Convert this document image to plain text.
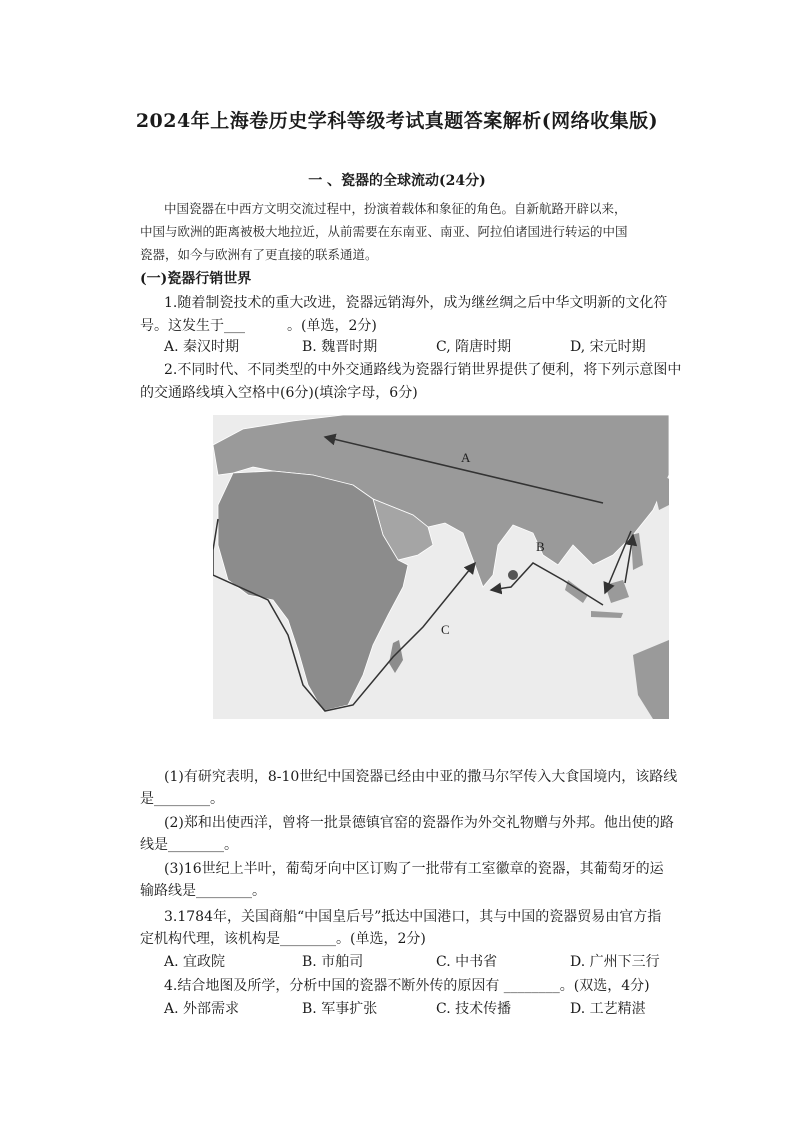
2024年上海卷历史学科等级考试真题答案解析(网络收集版)
一 、瓷器的全球流动(24分)
中国瓷器在中西方文明交流过程中，扮演着载体和象征的角色。自新航路开辟以来，
中国与欧洲的距离被极大地拉近，从前需要在东南亚、南亚、阿拉伯诸国进行转运的中国
瓷器，如今与欧洲有了更直接的联系通道。
(一)瓷器行销世界
1.随着制瓷技术的重大改进，瓷器远销海外，成为继丝绸之后中华文明新的文化符
号。这发生于___　　　。(单选，2分)
A. 秦汉时期	B. 魏晋时期	C, 隋唐时期	D, 宋元时期
2.不同时代、不同类型的中外交通路线为瓷器行销世界提供了便利，将下列示意图中
的交通路线填入空格中(6分)(填涂字母，6分)
A
B
C
(1)有研究表明，8-10世纪中国瓷器已经由中亚的撒马尔罕传入大食国境内，该路线
是________。
(2)郑和出使西洋，曾将一批景德镇官窑的瓷器作为外交礼物赠与外邦。他出使的路
线是________。
(3)16世纪上半叶，葡萄牙向中区订购了一批带有工室徽章的瓷器，其葡萄牙的运
输路线是________。
3.1784年，关国商船“中国皇后号”抵达中国港口，其与中国的瓷器贸易由官方指
定机构代理，该机构是________。(单选，2分)
A. 宜政院	B. 市舶司	C. 中书省	D. 广州下三行
4.结合地图及所学，分析中国的瓷器不断外传的原因有 ________。(双选，4分)
A. 外部需求	B. 军事扩张	C. 技术传播	D. 工艺精湛
